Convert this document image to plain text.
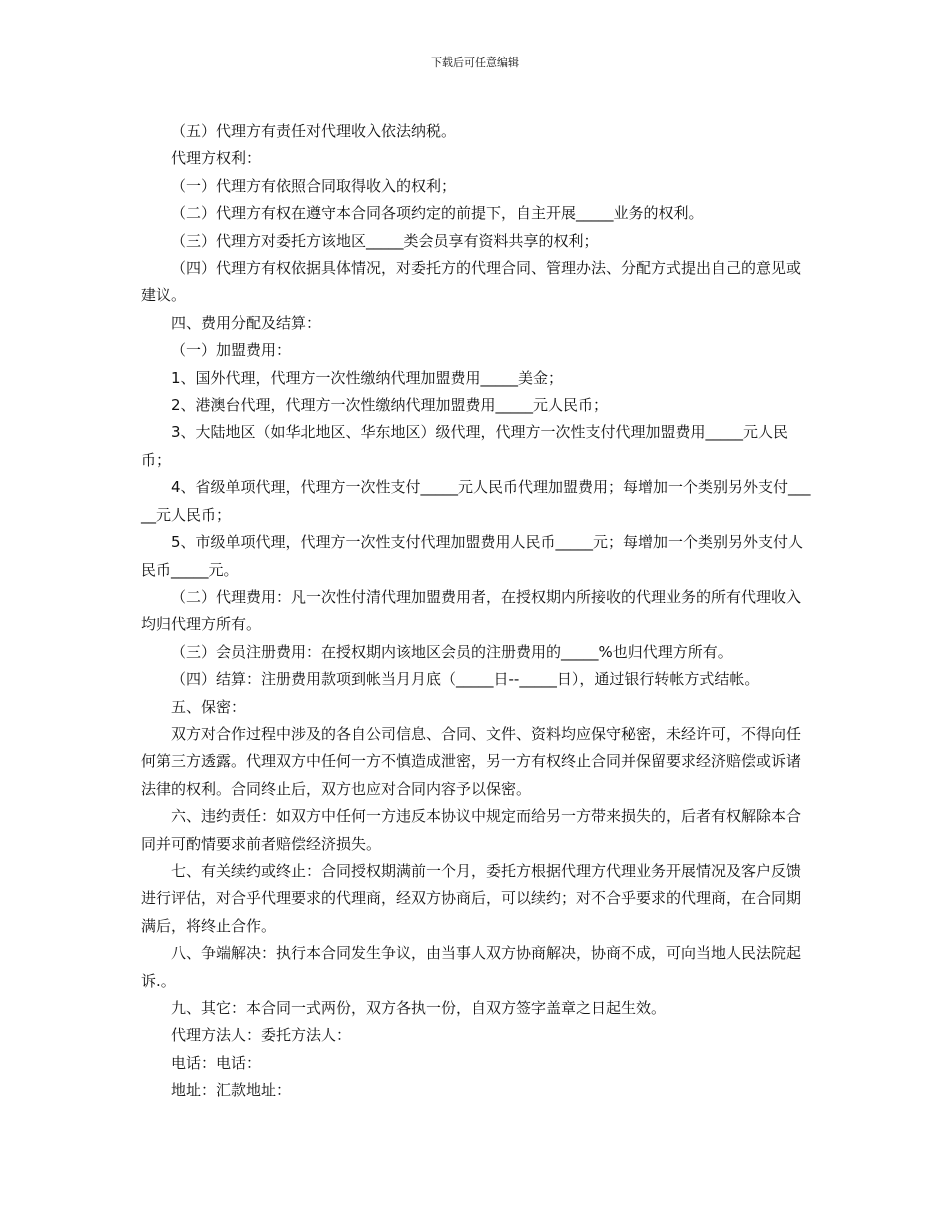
下载后可任意编辑

（五）代理方有责任对代理收入依法纳税。

代理方权利：

（一）代理方有依照合同取得收入的权利；

（二）代理方有权在遵守本合同各项约定的前提下，自主开展_____业务的权利。

（三）代理方对委托方该地区_____类会员享有资料共享的权利；

（四）代理方有权依据具体情况，对委托方的代理合同、管理办法、分配方式提出自己的意见或建议。

四、费用分配及结算：

（一）加盟费用：

1、国外代理，代理方一次性缴纳代理加盟费用_____美金；

2、港澳台代理，代理方一次性缴纳代理加盟费用_____元人民币；

3、大陆地区（如华北地区、华东地区）级代理，代理方一次性支付代理加盟费用_____元人民币；

4、省级单项代理，代理方一次性支付_____元人民币代理加盟费用；每增加一个类别另外支付_____元人民币；

5、市级单项代理，代理方一次性支付代理加盟费用人民币_____元；每增加一个类别另外支付人民币_____元。

（二）代理费用：凡一次性付清代理加盟费用者，在授权期内所接收的代理业务的所有代理收入均归代理方所有。

（三）会员注册费用：在授权期内该地区会员的注册费用的_____%也归代理方所有。

（四）结算：注册费用款项到帐当月月底（_____日--_____日），通过银行转帐方式结帐。

五、保密：

双方对合作过程中涉及的各自公司信息、合同、文件、资料均应保守秘密，未经许可，不得向任何第三方透露。代理双方中任何一方不慎造成泄密，另一方有权终止合同并保留要求经济赔偿或诉诸法律的权利。合同终止后，双方也应对合同内容予以保密。

六、违约责任：如双方中任何一方违反本协议中规定而给另一方带来损失的，后者有权解除本合同并可酌情要求前者赔偿经济损失。

七、有关续约或终止：合同授权期满前一个月，委托方根据代理方代理业务开展情况及客户反馈进行评估，对合乎代理要求的代理商，经双方协商后，可以续约；对不合乎要求的代理商，在合同期满后，将终止合作。

八、争端解决：执行本合同发生争议，由当事人双方协商解决，协商不成，可向当地人民法院起诉.。

九、其它：本合同一式两份，双方各执一份，自双方签字盖章之日起生效。

代理方法人：委托方法人：

电话：电话：

地址：汇款地址：
